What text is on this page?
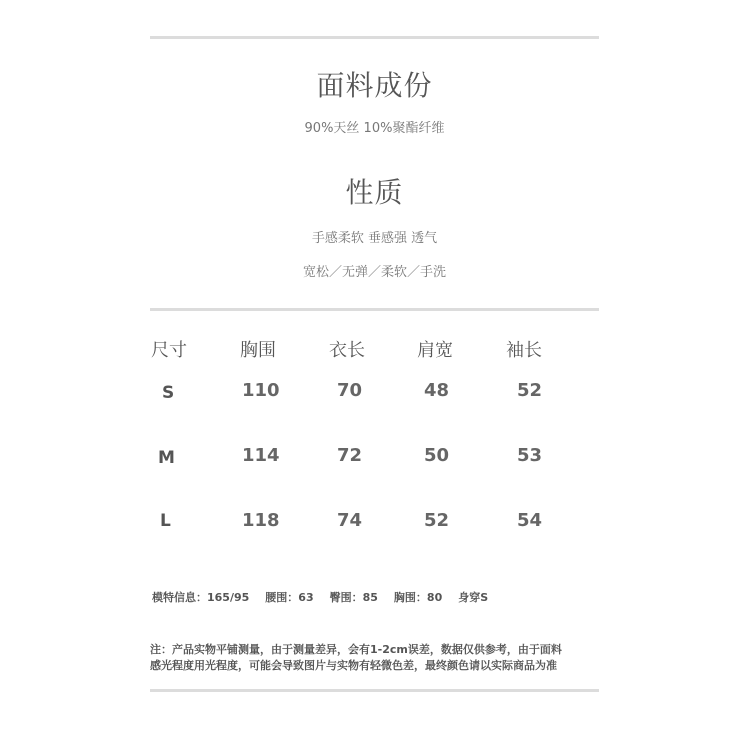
面料成份
90%天丝 10%聚酯纤维
性质
手感柔软 垂感强 透气
宽松／无弹／柔软／手洗
尺寸	胸围	衣长	肩宽	袖长
S	110	70	48	52
M	114	72	50	53
L	118	74	52	54
模特信息：165/95 腰围：63 臀围：85 胸围：80 身穿S
注：产品实物平铺测量，由于测量差异，会有1-2cm误差，数据仅供参考，由于面料
感光程度用光程度，可能会导致图片与实物有轻微色差，最终颜色请以实际商品为准
